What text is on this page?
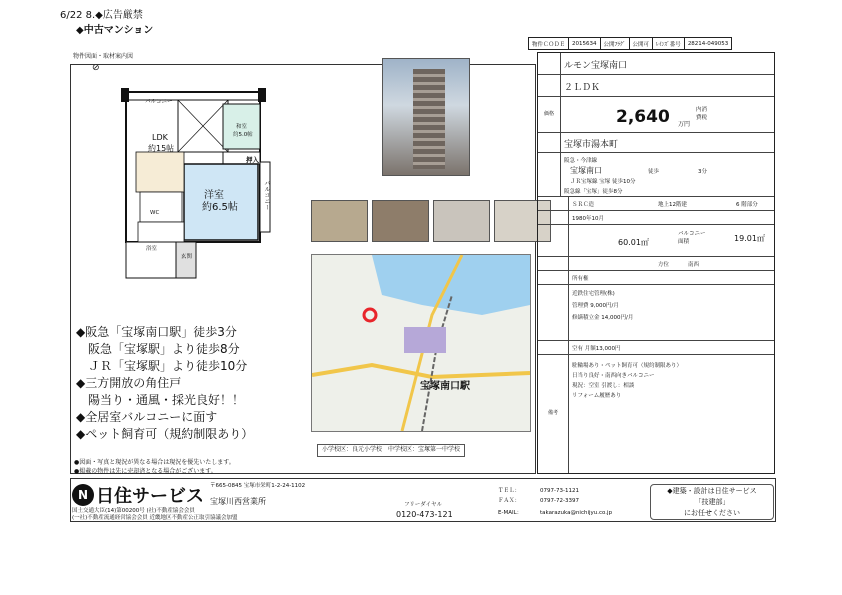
6/22 8.◆広告厳禁
◆中古マンション
物件図面・取材案内図
⊘
物件ＣＯＤＥ	2015634	公開ﾌﾗｸﾞ	公開可	ﾚｲﾝｽﾞ番号	28214-049053
バルコニー
LDK
約15帖
和室
約5.0帖
押入
洋室
約6.5帖	バルコニー
WC
浴室
玄関
宝塚南口駅
小学校区：良元小学校　中学校区：宝塚第一中学校
◆阪急「宝塚南口駅」徒歩3分
　阪急「宝塚駅」より徒歩8分
　ＪＲ「宝塚駅」より徒歩10分
◆三方開放の角住戸
　陽当り・通風・採光良好！！
◆全居室バルコニーに面す
◆ペット飼育可（規約制限あり）
●図面・写真と現況が異なる場合は現況を優先いたします。
●掲載の物件は先に売却済となる場合がございます。
ルモン宝塚南口
２ＬＤＫ
価格	2,640 万円
内消費税
宝塚市湯本町
阪急・今津線
宝塚南口	徒歩	3分
ＪＲ宝塚線 宝塚 徒歩10分
阪急線「宝塚」徒歩8分
ＳＲＣ造	地上12階建	6 階部分
1980年10月
60.01㎡
バルコニー面積	19.01㎡
方位	南西
所有権
近鉄住宅管理(株)
管理費 9,000円/月
修繕積立金 14,000円/月
空有 月額13,000円
備考
駐輪場あり・ペット飼育可（規約制限あり）
日当り良好・南西向きバルコニー
現況：空室 引渡し：相談
リフォーム履歴あり
N 日住サービス 〒665-0845 宝塚市栄町1-2-24-1102
宝塚川西営業所
国土交通大臣(14)第00200号 (社)不動産協会会員
(一社)不動産流通経営協会会員 近畿地区不動産公正取引協議会加盟
フリーダイヤル
0120-473-121
ＴＥＬ：	0797-73-1121
ＦＡＸ：	0797-72-3397
E-MAIL：	takarazuka@nichijyu.co.jp
◆建築・設計は日住サービス
「技建部」
にお任せください
